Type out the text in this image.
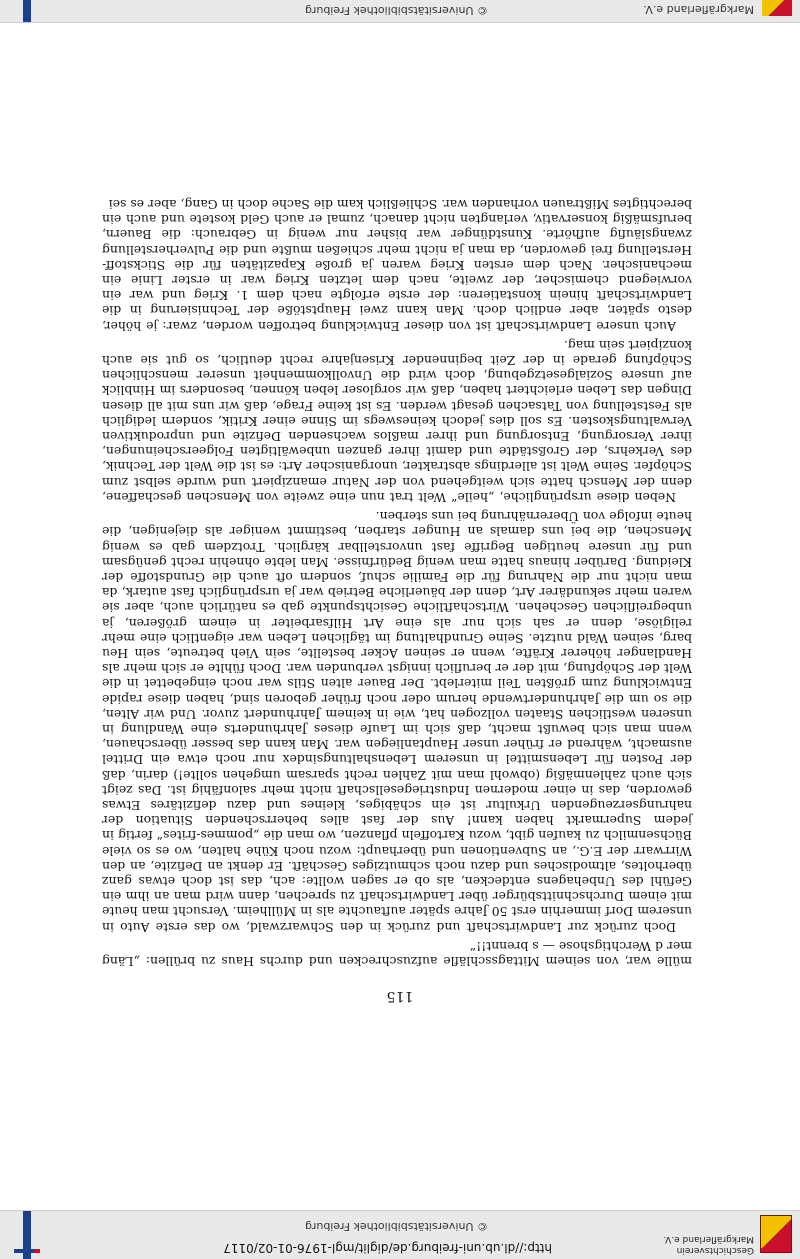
Geschichtsverein Markgräflerland e.V.
http://dl.ub.uni-freiburg.de/diglit/mgl-1976-01-02/0117
© Universitätsbibliothek Freiburg
115

mülle war, von seinem Mittagsschläfle aufzuschrecken und durchs Haus zu brüllen: „Läng mer d Werchtigshose — s brennt!!“

Doch zurück zur Landwirtschaft und zurück in den Schwarzwald, wo das erste Auto in unserem Dorf immerhin erst 50 Jahre später auftauchte als in Müllheim. Versucht man heute mit einem Durchschnittsbürger über Landwirtschaft zu sprechen, dann wird man an ihm ein Gefühl des Unbehagens entdecken, als ob er sagen wollte: ach, das ist doch etwas ganz überholtes, altmodisches und dazu noch schmutziges Geschäft. Er denkt an Defizite, an den Wirrwarr der E.G., an Subventionen und überhaupt: wozu noch Kühe halten, wo es so viele Büchsenmilch zu kaufen gibt, wozu Kartoffeln pflanzen, wo man die „pommes-frites“ fertig in jedem Supermarkt haben kann! Aus der fast alles beherrschenden Situation der nahrungserzeugenden Urkultur ist ein schäbiges, kleines und dazu defizitäres Etwas geworden, das in einer modernen Industriegesellschaft nicht mehr salonfähig ist. Das zeigt sich auch zahlenmäßig (obwohl man mit Zahlen recht sparsam umgehen sollte!) darin, daß der Posten für Lebensmittel in unserem Lebenshaltungsindex nur noch etwa ein Drittel ausmacht, während er früher unser Hauptanliegen war. Man kann das besser überschauen, wenn man sich bewußt macht, daß sich im Laufe dieses Jahrhunderts eine Wandlung in unseren westlichen Staaten vollzogen hat, wie in keinem Jahrhundert zuvor. Und wir Alten, die so um die Jahrhundertwende herum oder noch früher geboren sind, haben diese rapide Entwicklung zum größten Teil miterlebt. Der Bauer alten Stils war noch eingebettet in die Welt der Schöpfung, mit der er beruflich innigst verbunden war. Doch fühlte er sich mehr als Handlanger höherer Kräfte, wenn er seinen Acker bestellte, sein Vieh betreute, sein Heu barg, seinen Wald nutzte. Seine Grundhaltung im täglichen Leben war eigentlich eine mehr religiöse, denn er sah sich nur als eine Art Hilfsarbeiter in einem größeren, ja unbegreiflichen Geschehen. Wirtschaftliche Gesichtspunkte gab es natürlich auch, aber sie waren mehr sekundärer Art, denn der bäuerliche Betrieb war ja ursprünglich fast autark, da man nicht nur die Nahrung für die Familie schuf, sondern oft auch die Grundstoffe der Kleidung. Darüber hinaus hatte man wenig Bedürfnisse. Man lebte ohnehin recht genügsam und für unsere heutigen Begriffe fast unvorstellbar kärglich. Trotzdem gab es wenig Menschen, die bei uns damals an Hunger starben, bestimmt weniger als diejenigen, die heute infolge von Überernährung bei uns sterben.

Neben diese ursprüngliche, „heile“ Welt trat nun eine zweite von Menschen geschaffene, denn der Mensch hatte sich weitgehend von der Natur emanzipiert und wurde selbst zum Schöpfer. Seine Welt ist allerdings abstrakter, unorganischer Art: es ist die Welt der Technik, des Verkehrs, der Großstädte und damit ihrer ganzen unbewältigten Folgeerscheinungen, ihrer Versorgung, Entsorgung und ihrer maßlos wachsenden Defizite und unproduktiven Verwaltungskosten. Es soll dies jedoch keineswegs im Sinne einer Kritik, sondern lediglich als Feststellung von Tatsachen gesagt werden. Es ist keine Frage, daß wir uns mit all diesen Dingen das Leben erleichtert haben, daß wir sorgloser leben können, besonders im Hinblick auf unsere Sozialgesetzgebung, doch wird die Unvollkommenheit unserer menschlichen Schöpfung gerade in der Zeit beginnender Krisenjahre recht deutlich, so gut sie auch konzipiert sein mag.

Auch unsere Landwirtschaft ist von dieser Entwicklung betroffen worden, zwar: je höher, desto später, aber endlich doch. Man kann zwei Hauptstöße der Technisierung in die Landwirtschaft hinein konstatieren: der erste erfolgte nach dem 1. Krieg und war ein vorwiegend chemischer, der zweite, nach dem letzten Krieg war in erster Linie ein mechanischer. Nach dem ersten Krieg waren ja große Kapazitäten für die Stickstoff-Herstellung frei geworden, da man ja nicht mehr schießen mußte und die Pulverherstellung zwangsläufig aufhörte. Kunstdünger war bisher nur wenig in Gebrauch: die Bauern, berufsmäßig konservativ, verlangten nicht danach, zumal er auch Geld kostete und auch ein berechtigtes Mißtrauen vorhanden war. Schließlich kam die Sache doch in Gang, aber es sei

Markgräflerland e.V.
© Universitätsbibliothek Freiburg
